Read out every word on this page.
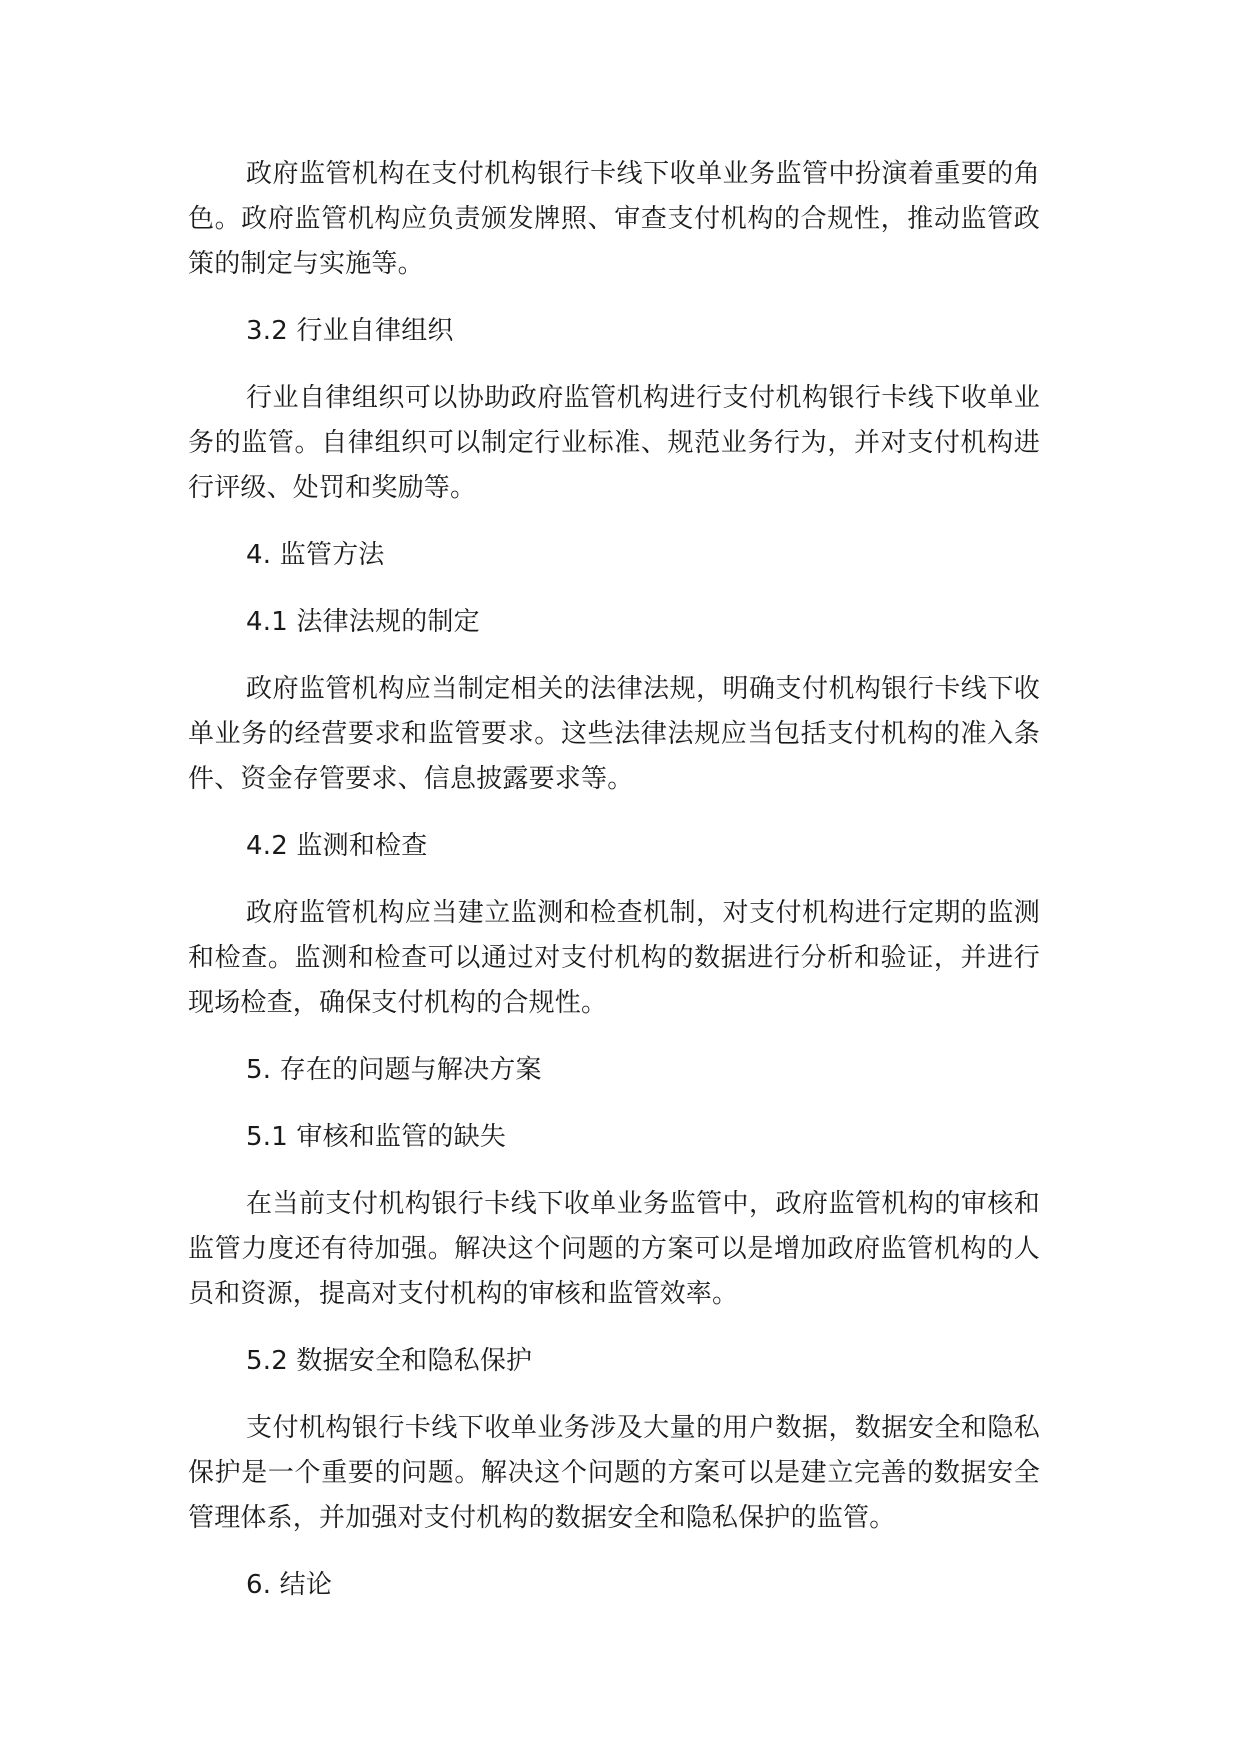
政府监管机构在支付机构银行卡线下收单业务监管中扮演着重要的角色。政府监管机构应负责颁发牌照、审查支付机构的合规性，推动监管政策的制定与实施等。

3.2 行业自律组织

行业自律组织可以协助政府监管机构进行支付机构银行卡线下收单业务的监管。自律组织可以制定行业标准、规范业务行为，并对支付机构进行评级、处罚和奖励等。

4. 监管方法

4.1 法律法规的制定

政府监管机构应当制定相关的法律法规，明确支付机构银行卡线下收单业务的经营要求和监管要求。这些法律法规应当包括支付机构的准入条件、资金存管要求、信息披露要求等。

4.2 监测和检查

政府监管机构应当建立监测和检查机制，对支付机构进行定期的监测和检查。监测和检查可以通过对支付机构的数据进行分析和验证，并进行现场检查，确保支付机构的合规性。

5. 存在的问题与解决方案

5.1 审核和监管的缺失

在当前支付机构银行卡线下收单业务监管中，政府监管机构的审核和监管力度还有待加强。解决这个问题的方案可以是增加政府监管机构的人员和资源，提高对支付机构的审核和监管效率。

5.2 数据安全和隐私保护

支付机构银行卡线下收单业务涉及大量的用户数据，数据安全和隐私保护是一个重要的问题。解决这个问题的方案可以是建立完善的数据安全管理体系，并加强对支付机构的数据安全和隐私保护的监管。

6. 结论
